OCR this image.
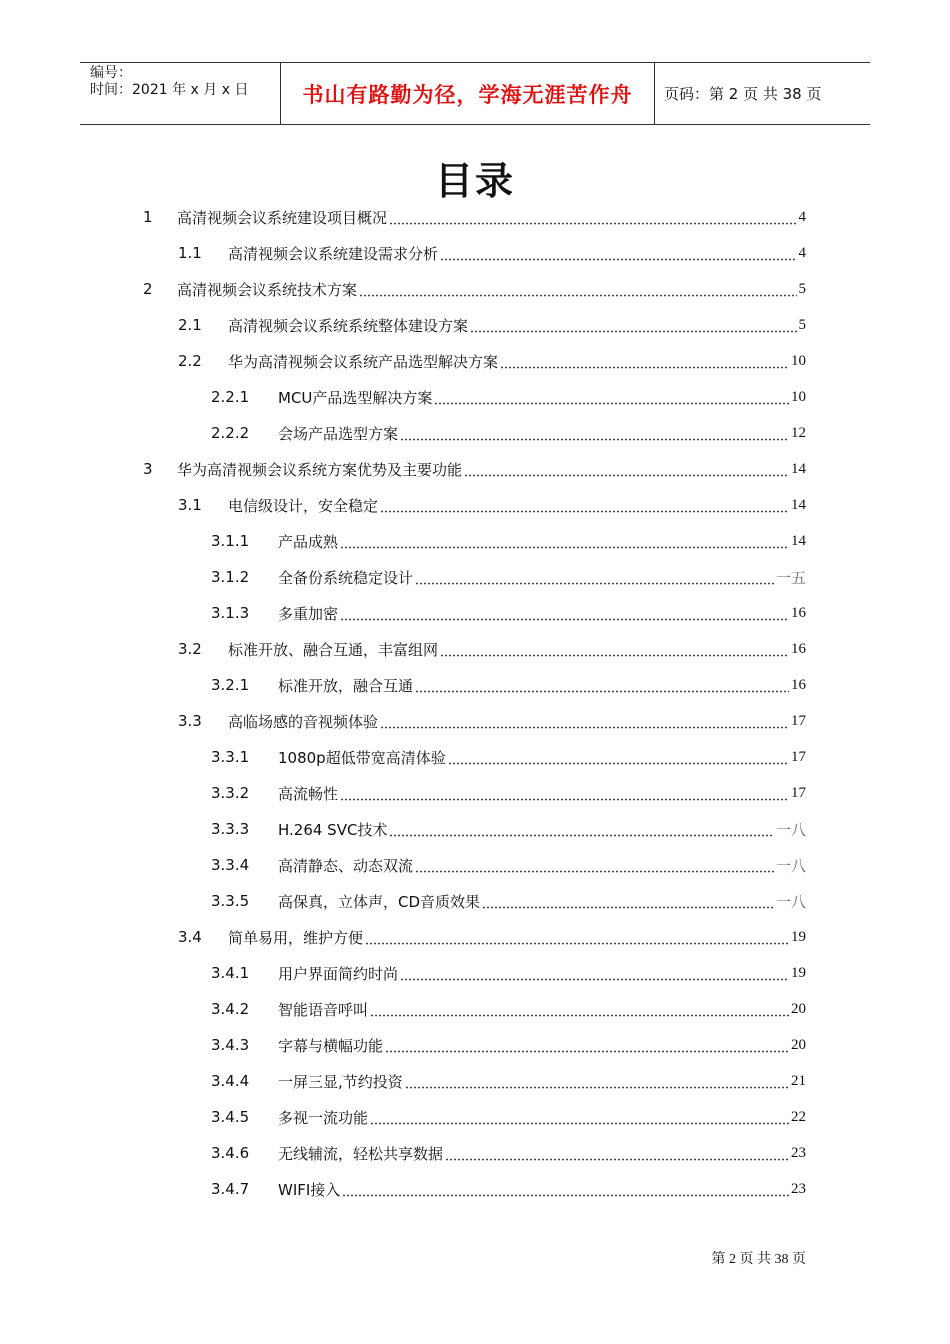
编号：
时间：2021 年 x 月 x 日	书山有路勤为径，学海无涯苦作舟	页码：第 2 页 共 38 页
目录
1	高清视频会议系统建设项目概况	4
1.1	高清视频会议系统建设需求分析	4
2	高清视频会议系统技术方案	5
2.1	高清视频会议系统系统整体建设方案	5
2.2	华为高清视频会议系统产品选型解决方案	10
2.2.1	MCU产品选型解决方案	10
2.2.2	会场产品选型方案	12
3	华为高清视频会议系统方案优势及主要功能	14
3.1	电信级设计，安全稳定	14
3.1.1	产品成熟	14
3.1.2	全备份系统稳定设计	一五
3.1.3	多重加密	16
3.2	标准开放、融合互通，丰富组网	16
3.2.1	标准开放，融合互通	16
3.3	高临场感的音视频体验	17
3.3.1	1080p超低带宽高清体验	17
3.3.2	高流畅性	17
3.3.3	H.264 SVC技术	一八
3.3.4	高清静态、动态双流	一八
3.3.5	高保真，立体声，CD音质效果	一八
3.4	简单易用，维护方便	19
3.4.1	用户界面简约时尚	19
3.4.2	智能语音呼叫	20
3.4.3	字幕与横幅功能	20
3.4.4	一屏三显,节约投资	21
3.4.5	多视一流功能	22
3.4.6	无线辅流，轻松共享数据	23
3.4.7	WIFI接入	23
第 2 页 共 38 页
